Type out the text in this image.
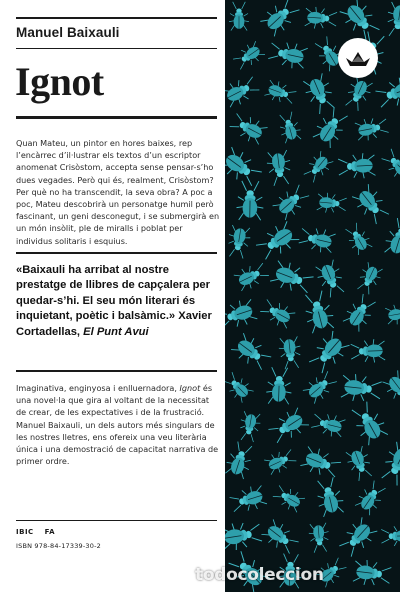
Manuel Baixauli
Ignot
Quan Mateu, un pintor en hores baixes, rep l’encàrrec d’il·lustrar els textos d’un escriptor anomenat Crisòstom, accepta sense pensar-s’ho dues vegades. Però qui és, realment, Crisòstom? Per què no ha transcendit, la seva obra? A poc a poc, Mateu descobrirà un personatge humil però fascinant, un geni desconegut, i se submergirà en un món insòlit, ple de miralls i poblat per individus solitaris i esquius.
«Baixauli ha arribat al nostre prestatge de llibres de capçalera per quedar-s’hi. El seu món literari és inquietant, poètic i balsàmic.» Xavier Cortadellas, El Punt Avui
Imaginativa, enginyosa i enlluernadora, Ignot és una novel·la que gira al voltant de la necessitat de crear, de les expectatives i de la frustració. Manuel Baixauli, un dels autors més singulars de les nostres lletres, ens ofereix una veu literària única i una demostració de capacitat narrativa de primer ordre.
IBIC FA
ISBN 978-84-17339-30-2
todocoleccion
